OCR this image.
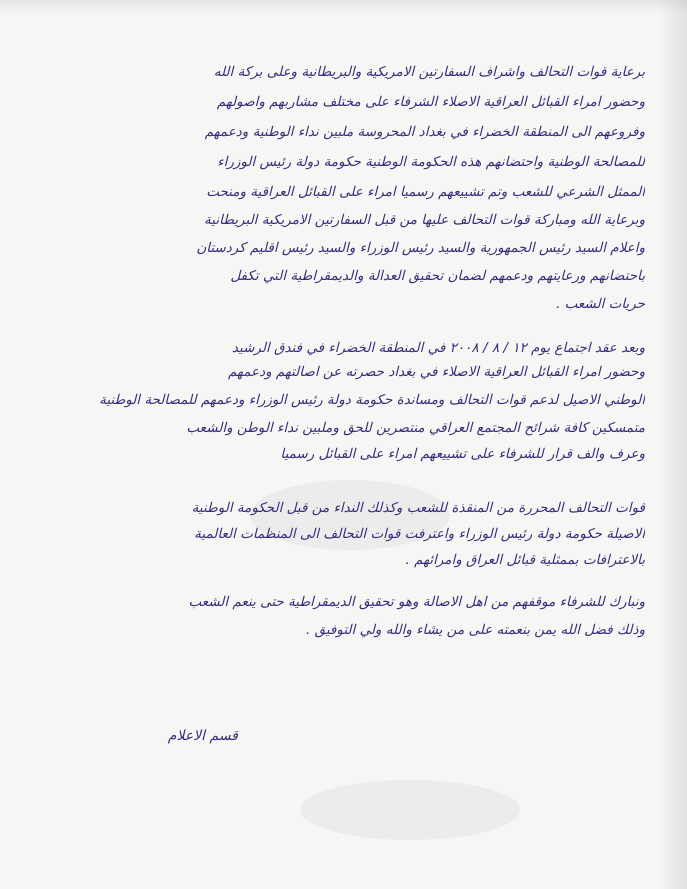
برعاية قوات التحالف واشراف السفارتين الامريكية والبريطانية وعلى بركة الله
وحضور امراء القبائل العراقية الاصلاء الشرفاء على مختلف مشاربهم واصولهم
وفروعهم الى المنطقة الخضراء في بغداد المحروسة ملبين نداء الوطنية ودعمهم
للمصالحة الوطنية واحتضانهم هذه الحكومة الوطنية حكومة دولة رئيس الوزراء
الممثل الشرعي للشعب وتم تشييعهم رسميا امراء على القبائل العراقية ومنحت
وبرعاية الله ومباركة قوات التحالف عليها من قبل السفارتين الامريكية البريطانية
واعلام السيد رئيس الجمهورية والسيد رئيس الوزراء والسيد رئيس اقليم كردستان
باحتضانهم ورعايتهم ودعمهم لضمان تحقيق العدالة والديمقراطية التي تكفل
حريات الشعب .
وبعد عقد اجتماع يوم ١٢ / ٨ / ٢٠٠٨ في المنطقة الخضراء في فندق الرشيد
وحضور امراء القبائل العراقية الاصلاء في بغداد حصرته عن اصالتهم ودعمهم
الوطني الاصيل لدعم قوات التحالف ومساندة حكومة دولة رئيس الوزراء ودعمهم للمصالحة الوطنية
متمسكين كافة شرائح المجتمع العراقي منتصرين للحق وملبين نداء الوطن والشعب
وعرف والف قرار للشرفاء على تشييعهم امراء على القبائل رسميا
قوات التحالف المحررة من المنقذة للشعب وكذلك النداء من قبل الحكومة الوطنية
الاصيلة حكومة دولة رئيس الوزراء واعترفت قوات التحالف الى المنظمات العالمية
بالاعترافات بممثلية قبائل العراق وامرائهم .
ونبارك للشرفاء موقفهم من اهل الاصالة وهو تحقيق الديمقراطية حتى ينعم الشعب
وذلك فضل الله يمن بنعمته على من يشاء والله ولي التوفيق .
قسم الاعلام
